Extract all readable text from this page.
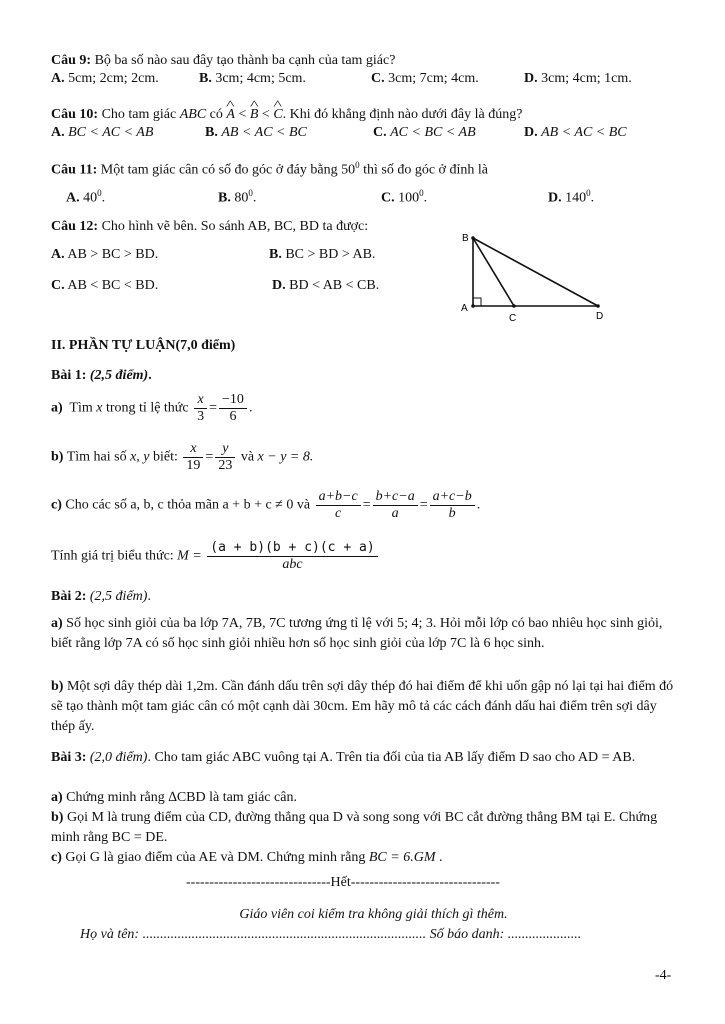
Câu 9: Bộ ba số nào sau đây tạo thành ba cạnh của tam giác?
A. 5cm; 2cm; 2cm.	B. 3cm; 4cm; 5cm.	C. 3cm; 7cm; 4cm.	D. 3cm; 4cm; 1cm.
Câu 10: Cho tam giác ABC có ^ A < ^ B < ^ C. Khi đó khẳng định nào dưới đây là đúng?
A. BC < AC < AB	B. AB < AC < BC	C. AC < BC < AB	D. AB < AC < BC
Câu 11: Một tam giác cân có số đo góc ở đáy bằng $50^0$ thì số đo góc ở đỉnh là
A. $40^0$.	B. $80^0$.	C. $100^0$.	D. $140^0$.
Câu 12: Cho hình vẽ bên. So sánh AB, BC, BD ta được:
A. AB > BC > BD.	B. BC > BD > AB.
C. AB < BC < BD.	D. BD < AB < CB.
B
A
C	D
II. PHẦN TỰ LUẬN(7,0 điểm)
Bài 1: (2,5 điểm).
a) Tìm x trong tỉ lệ thức $\frac{x}{3} = \frac{-10}{6}$ .
b) Tìm hai số x, y biết: $\frac{x}{19} = \frac{y}{23}$ và x − y = 8.
c) Cho các số a, b, c thỏa mãn a + b + c ≠ 0 và $\frac{a+b-c}{c} = \frac{b+c-a}{a} = \frac{a+c-b}{b}$ .
Tính giá trị biểu thức: $M = \frac{(a + b)(b + c)(c + a)}{\text{abc}}$
Bài 2: (2,5 điểm).
a) Số học sinh giỏi của ba lớp 7A, 7B, 7C tương ứng tỉ lệ với 5; 4; 3. Hỏi mỗi lớp có bao nhiêu học sinh giỏi, biết rằng lớp 7A có số học sinh giỏi nhiều hơn số học sinh giỏi của lớp 7C là 6 học sinh.
b) Một sợi dây thép dài 1,2m. Cần đánh dấu trên sợi dây thép đó hai điểm để khi uốn gập nó lại tại hai điểm đó sẽ tạo thành một tam giác cân có một cạnh dài 30cm. Em hãy mô tả các cách đánh dấu hai điểm trên sợi dây thép ấy.
Bài 3: (2,0 điểm). Cho tam giác ABC vuông tại A. Trên tia đối của tia AB lấy điểm D sao cho AD = AB.
a) Chứng minh rằng ∆CBD là tam giác cân.
b) Gọi M là trung điểm của CD, đường thẳng qua D và song song với BC cắt đường thẳng BM tại E. Chứng minh rằng BC = DE.
c) Gọi G là giao điểm của AE và DM. Chứng minh rằng BC = 6.GM .
-------------------------------Hết--------------------------------
Giáo viên coi kiểm tra không giải thích gì thêm.
Họ và tên: ................................................................................. Số báo danh: .....................
-4-
